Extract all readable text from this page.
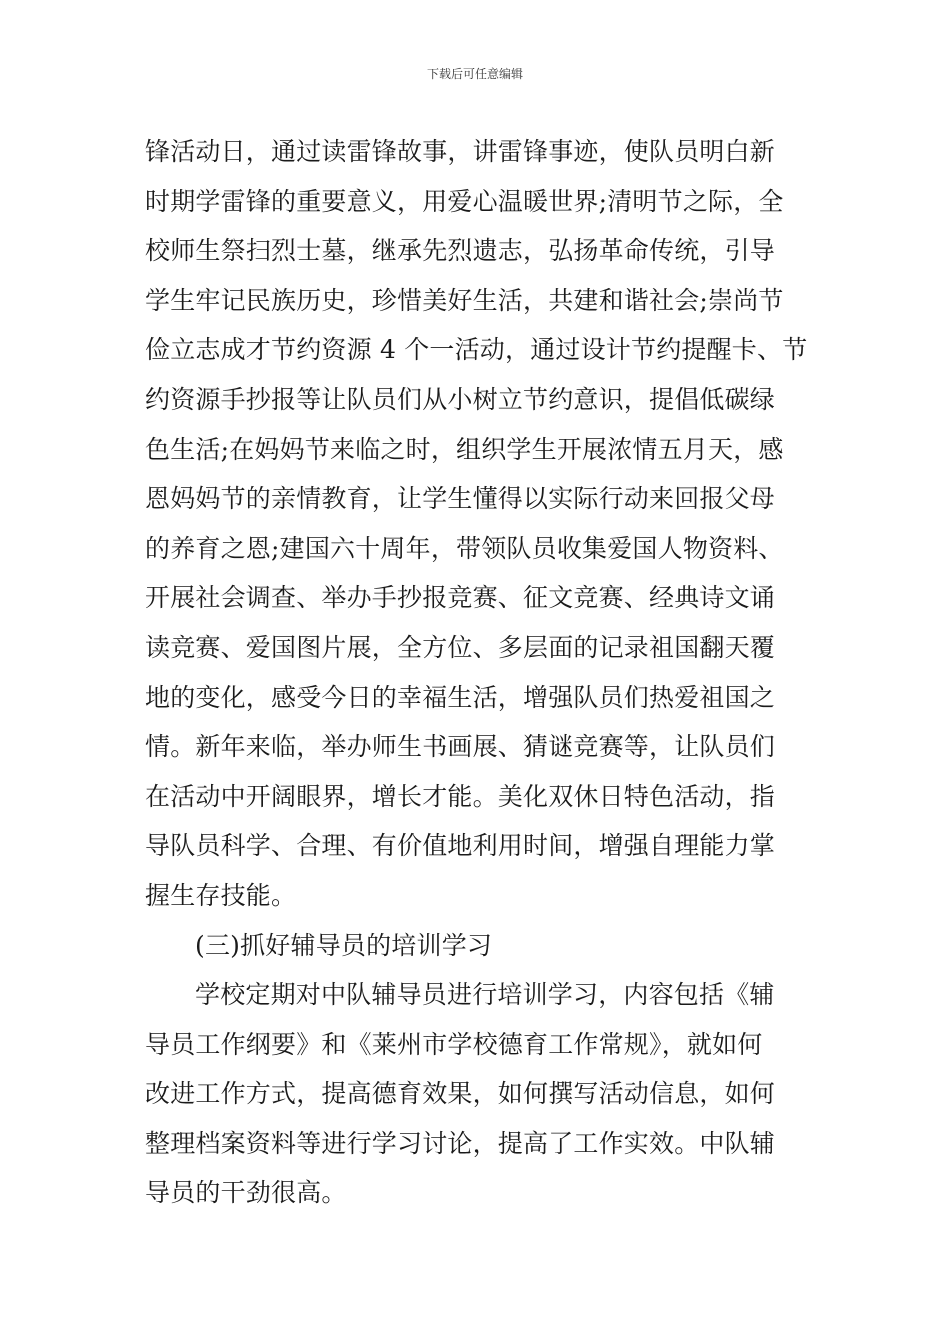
下载后可任意编辑
锋活动日，通过读雷锋故事，讲雷锋事迹，使队员明白新
时期学雷锋的重要意义，用爱心温暖世界;清明节之际，全
校师生祭扫烈士墓，继承先烈遗志，弘扬革命传统，引导
学生牢记民族历史，珍惜美好生活，共建和谐社会;崇尚节
俭立志成才节约资源 4 个一活动，通过设计节约提醒卡、节
约资源手抄报等让队员们从小树立节约意识，提倡低碳绿
色生活;在妈妈节来临之时，组织学生开展浓情五月天，感
恩妈妈节的亲情教育，让学生懂得以实际行动来回报父母
的养育之恩;建国六十周年，带领队员收集爱国人物资料、
开展社会调查、举办手抄报竞赛、征文竞赛、经典诗文诵
读竞赛、爱国图片展，全方位、多层面的记录祖国翻天覆
地的变化，感受今日的幸福生活，增强队员们热爱祖国之
情。新年来临，举办师生书画展、猜谜竞赛等，让队员们
在活动中开阔眼界，增长才能。美化双休日特色活动，指
导队员科学、合理、有价值地利用时间，增强自理能力掌
握生存技能。
(三)抓好辅导员的培训学习
学校定期对中队辅导员进行培训学习，内容包括《辅
导员工作纲要》和《莱州市学校德育工作常规》，就如何
改进工作方式，提高德育效果，如何撰写活动信息，如何
整理档案资料等进行学习讨论，提高了工作实效。中队辅
导员的干劲很高。
